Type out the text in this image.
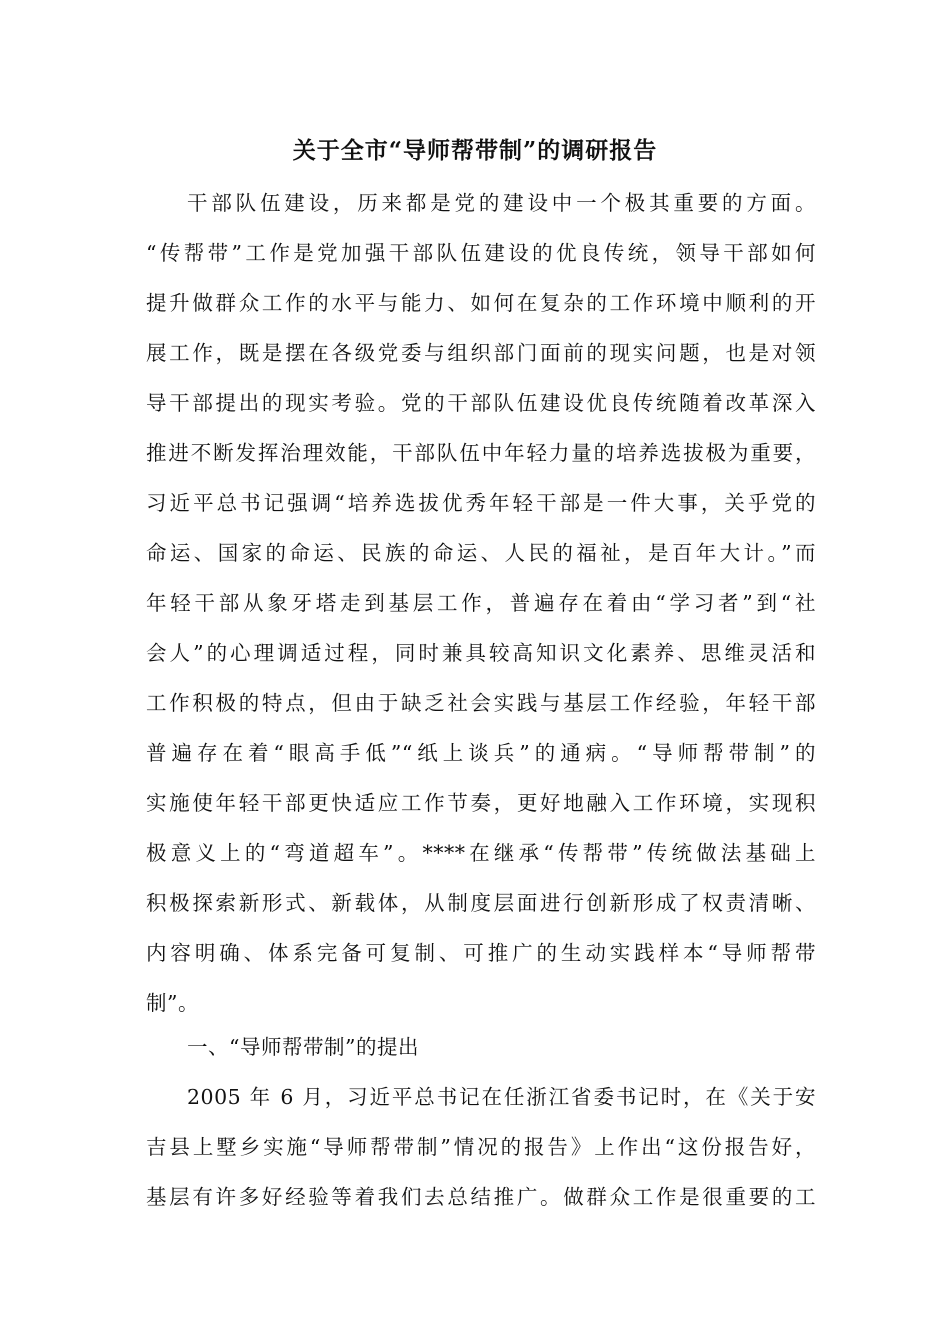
关于全市“导师帮带制”的调研报告
干部队伍建设，历来都是党的建设中一个极其重要的方面。
“传帮带”工作是党加强干部队伍建设的优良传统，领导干部如何
提升做群众工作的水平与能力、如何在复杂的工作环境中顺利的开
展工作，既是摆在各级党委与组织部门面前的现实问题，也是对领
导干部提出的现实考验。党的干部队伍建设优良传统随着改革深入
推进不断发挥治理效能，干部队伍中年轻力量的培养选拔极为重要，
习近平总书记强调“培养选拔优秀年轻干部是一件大事，关乎党的
命运、国家的命运、民族的命运、人民的福祉，是百年大计。”而
年轻干部从象牙塔走到基层工作，普遍存在着由“学习者”到“社
会人”的心理调适过程，同时兼具较高知识文化素养、思维灵活和
工作积极的特点，但由于缺乏社会实践与基层工作经验，年轻干部
普遍存在着“眼高手低”“纸上谈兵”的通病。“导师帮带制”的
实施使年轻干部更快适应工作节奏，更好地融入工作环境，实现积
极意义上的“弯道超车”。****在继承“传帮带”传统做法基础上
积极探索新形式、新载体，从制度层面进行创新形成了权责清晰、
内容明确、体系完备可复制、可推广的生动实践样本“导师帮带
制”。
一、“导师帮带制”的提出
2005 年 6 月，习近平总书记在任浙江省委书记时，在《关于安
吉县上墅乡实施“导师帮带制”情况的报告》上作出“这份报告好，
基层有许多好经验等着我们去总结推广。做群众工作是很重要的工
